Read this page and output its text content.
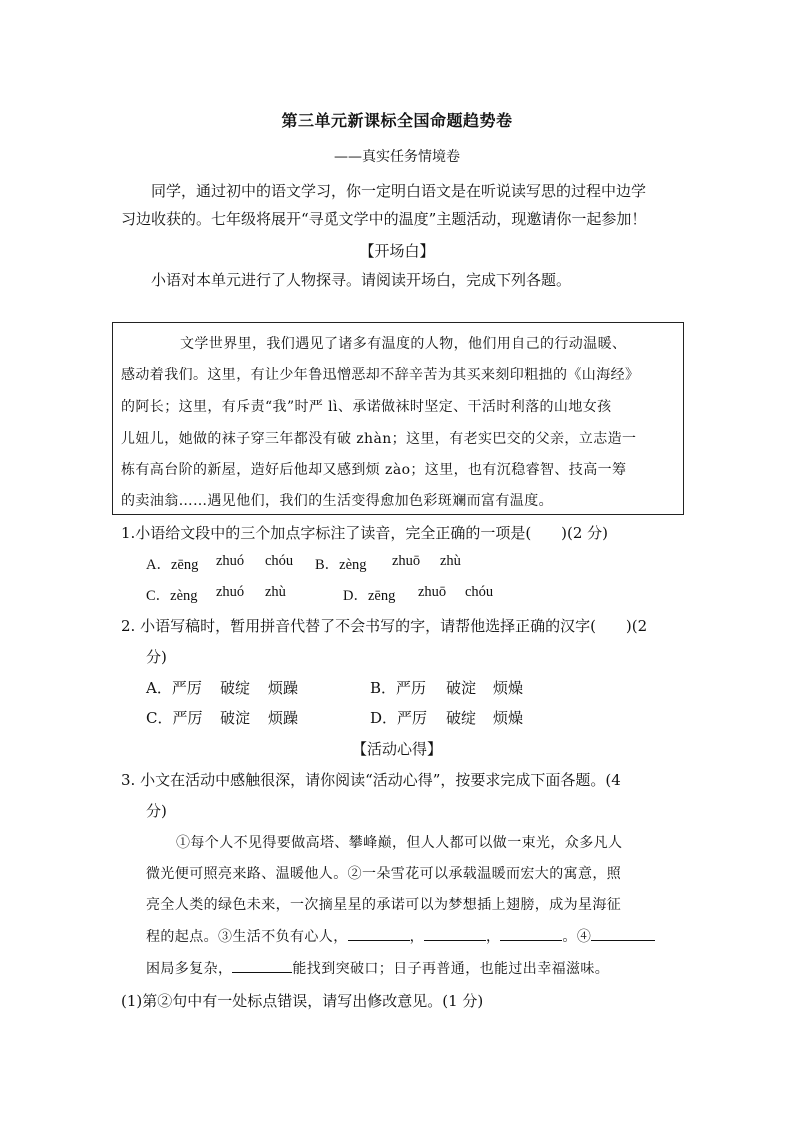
第三单元新课标全国命题趋势卷
——真实任务情境卷
同学，通过初中的语文学习，你一定明白语文是在听说读写思的过程中边学
习边收获的。七年级将展开“寻觅文学中的温度”主题活动，现邀请你一起参加！
【开场白】
小语对本单元进行了人物探寻。请阅读开场白，完成下列各题。
文学世界里，我们遇见了诸多有温度的人物，他们用自己的行动温暖、
感动着我们。这里，有让少年鲁迅憎恶却不辞辛苦为其买来刻印粗拙的《山海经》
的阿长；这里，有斥责“我”时严 lì、承诺做袜时坚定、干活时利落的山地女孩
儿妞儿，她做的袜子穿三年都没有破 zhàn；这里，有老实巴交的父亲，立志造一
栋有高台阶的新屋，造好后他却又感到烦 zào；这里，也有沉稳睿智、技高一筹
的卖油翁……遇见他们，我们的生活变得愈加色彩斑斓而富有温度。
1.小语给文段中的三个加点字标注了读音，完全正确的一项是(　　)(2 分)
A．zēng zhuó chóu B．zèng zhuō zhù
C．zèng zhuó zhù	D．zēng zhuō chóu
2. 小语写稿时，暂用拼音代替了不会书写的字，请帮他选择正确的汉字(　　)(2
分)
A．严厉 破绽 烦躁	B．严历 破淀 烦燥
C．严厉 破淀 烦躁	D．严厉 破绽 烦燥
【活动心得】
3. 小文在活动中感触很深，请你阅读“活动心得”，按要求完成下面各题。(4
分)
①每个人不见得要做高塔、攀峰巅，但人人都可以做一束光，众多凡人
微光便可照亮来路、温暖他人。②一朵雪花可以承载温暖而宏大的寓意，照
亮全人类的绿色未来，一次摘星星的承诺可以为梦想插上翅膀，成为星海征
程的起点。③生活不负有心人，	，	，	。④
困局多复杂，	能找到突破口；日子再普通，也能过出幸福滋味。
(1)第②句中有一处标点错误，请写出修改意见。(1 分)
